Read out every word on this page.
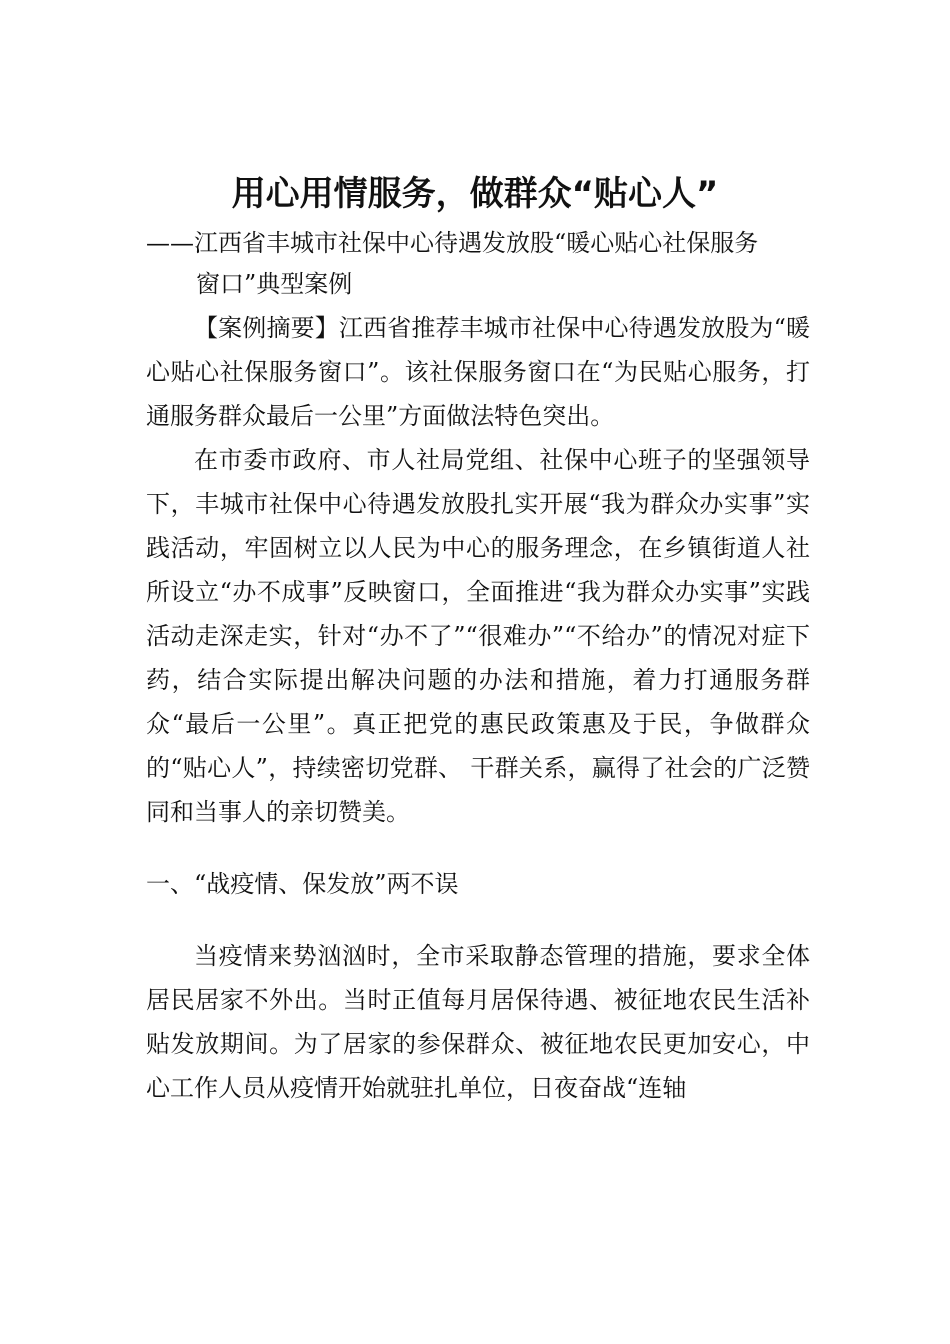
用心用情服务，做群众“贴心人”

——江西省丰城市社保中心待遇发放股“暖心贴心社保服务

窗口”典型案例

【案例摘要】江西省推荐丰城市社保中心待遇发放股为“暖心贴心社保服务窗口”。该社保服务窗口在“为民贴心服务，打通服务群众最后一公里”方面做法特色突出。

在市委市政府、市人社局党组、社保中心班子的坚强领导下，丰城市社保中心待遇发放股扎实开展“我为群众办实事”实践活动，牢固树立以人民为中心的服务理念，在乡镇街道人社所设立“办不成事”反映窗口，全面推进“我为群众办实事”实践活动走深走实，针对“办不了”“很难办”“不给办”的情况对症下药，结合实际提出解决问题的办法和措施，着力打通服务群众“最后一公里”。真正把党的惠民政策惠及于民，争做群众的“贴心人”，持续密切党群、 干群关系，赢得了社会的广泛赞同和当事人的亲切赞美。

一、“战疫情、保发放”两不误

当疫情来势汹汹时，全市采取静态管理的措施，要求全体居民居家不外出。当时正值每月居保待遇、被征地农民生活补贴发放期间。为了居家的参保群众、被征地农民更加安心，中心工作人员从疫情开始就驻扎单位，日夜奋战“连轴
